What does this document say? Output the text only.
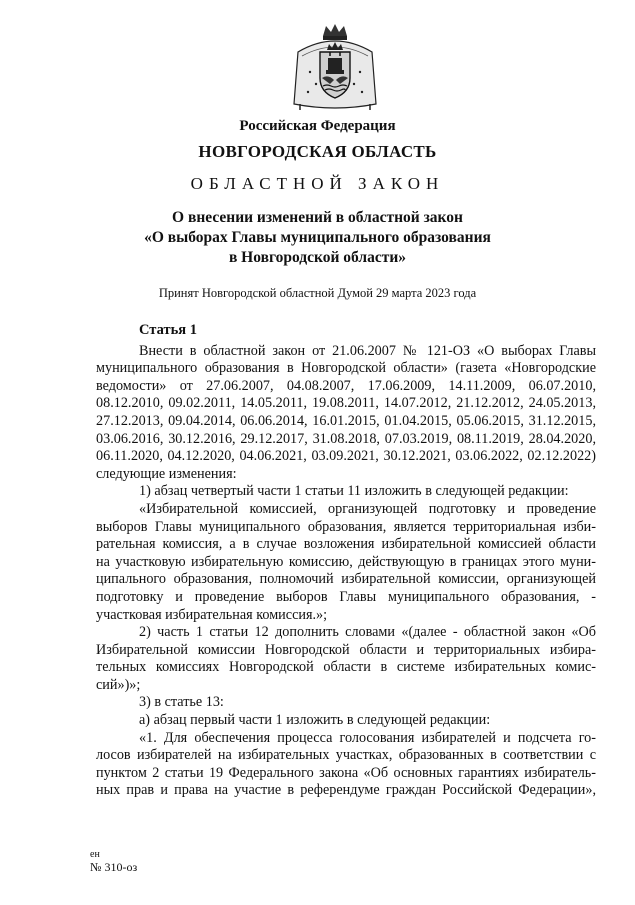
Российская Федерация
НОВГОРОДСКАЯ ОБЛАСТЬ
ОБЛАСТНОЙ ЗАКОН
О внесении изменений в областной закон
«О выборах Главы муниципального образования
в Новгородской области»
Принят Новгородской областной Думой 29 марта 2023 года
Статья 1
Внести в областной закон от 21.06.2007 № 121-ОЗ «О выборах Главы
муниципального образования в Новгородской области» (газета «Новгородские
ведомости» от 27.06.2007, 04.08.2007, 17.06.2009, 14.11.2009, 06.07.2010,
08.12.2010, 09.02.2011, 14.05.2011, 19.08.2011, 14.07.2012, 21.12.2012, 24.05.2013,
27.12.2013, 09.04.2014, 06.06.2014, 16.01.2015, 01.04.2015, 05.06.2015, 31.12.2015,
03.06.2016, 30.12.2016, 29.12.2017, 31.08.2018, 07.03.2019, 08.11.2019, 28.04.2020,
06.11.2020, 04.12.2020, 04.06.2021, 03.09.2021, 30.12.2021, 03.06.2022, 02.12.2022)
следующие изменения:
1) абзац четвертый части 1 статьи 11 изложить в следующей редакции:
«Избирательной комиссией, организующей подготовку и проведение
выборов Главы муниципального образования, является территориальная изби-
рательная комиссия, а в случае возложения избирательной комиссией области
на участковую избирательную комиссию, действующую в границах этого муни-
ципального образования, полномочий избирательной комиссии, организующей
подготовку и проведение выборов Главы муниципального образования, -
участковая избирательная комиссия.»;
2) часть 1 статьи 12 дополнить словами «(далее - областной закон «Об
Избирательной комиссии Новгородской области и территориальных избира-
тельных комиссиях Новгородской области в системе избирательных комис-
сий»)»;
3) в статье 13:
а) абзац первый части 1 изложить в следующей редакции:
«1. Для обеспечения процесса голосования избирателей и подсчета го-
лосов избирателей на избирательных участках, образованных в соответствии с
пунктом 2 статьи 19 Федерального закона «Об основных гарантиях избиратель-
ных прав и права на участие в референдуме граждан Российской Федерации»,
ен
№ 310-оз
